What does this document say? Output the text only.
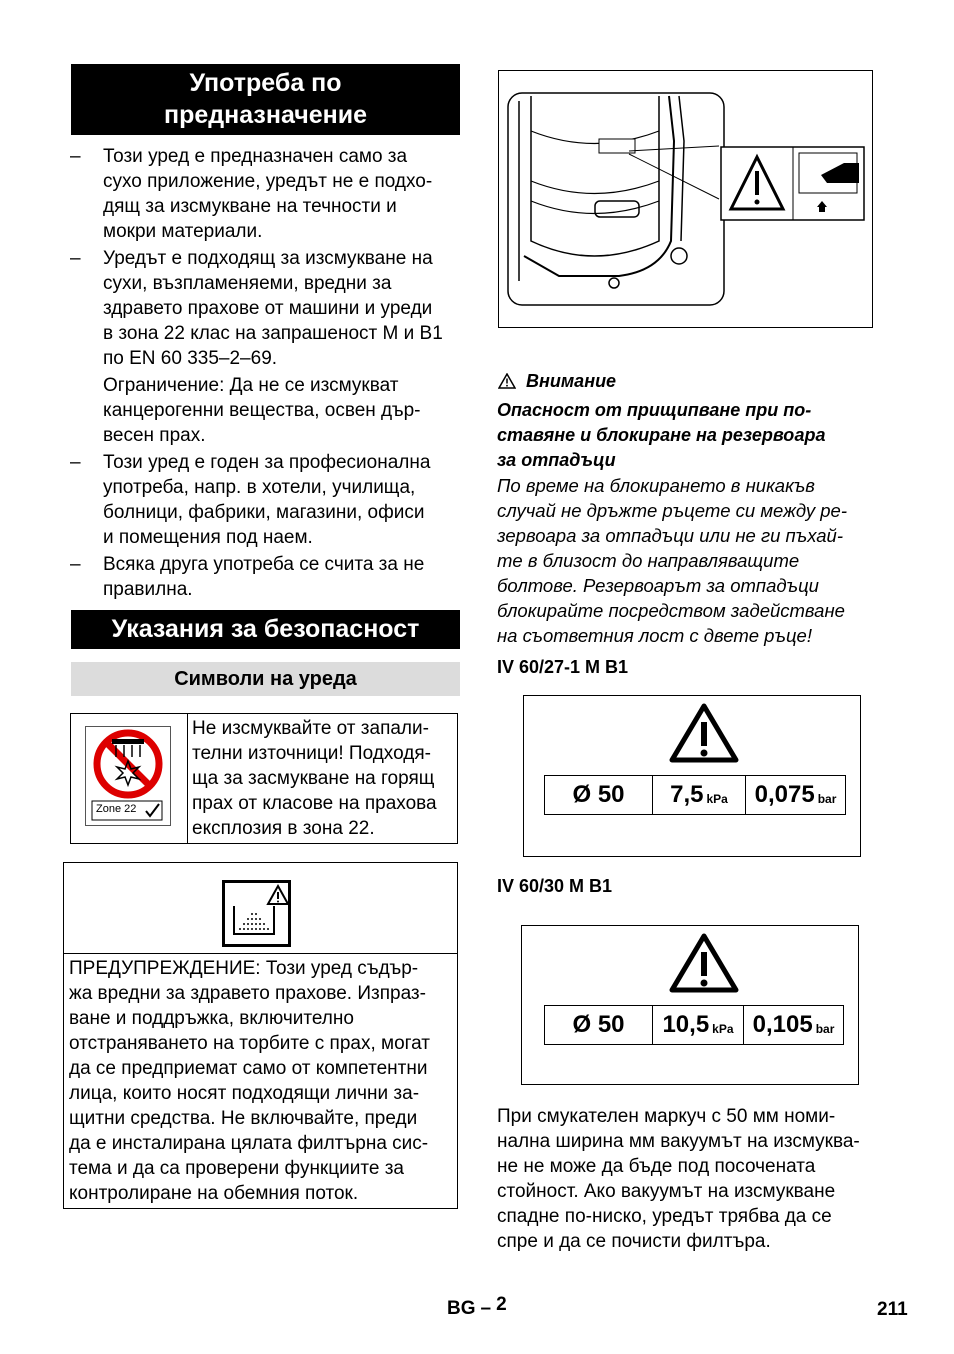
Употреба по
предназначение
– Този уред е предназначен само за
сухо приложение, уредът не е подхо-
дящ за изсмукване на течности и
мокри материали.
– Уредът е подходящ за изсмукване на
сухи, възпламеняеми, вредни за
здравето прахове от машини и уреди
в зона 22 клас на запрашеност М и B1
по EN 60 335–2–69.
Ограничение: Да не се изсмукват
канцерогенни вещества, освен дър-
весен прах.
– Този уред е годен за професионална
употреба, напр. в хотели, училища,
болници, фабрики, магазини, офиси
и помещения под наем.
– Всяка друга употреба се счита за не
правилна.
Указания за безопасност
Символи на уреда
Zone 22
Не изсмуквайте от запали-
телни източници! Подходя-
ща за засмукване на горящ
прах от класове на прахова
експлозия в зона 22.
ПРЕДУПРЕЖДЕНИЕ: Този уред съдър-
жа вредни за здравето прахове. Изпраз-
ване и поддръжка, включително
отстраняването на торбите с прах, могат
да се предприемат само от компетентни
лица, които носят подходящи лични за-
щитни средства. Не включвайте, преди
да е инсталирана цялата филтърна сис-
тема и да са проверени функциите за
контролиране на обемния поток.
Внимание
Опасност от прищипване при по-
ставяне и блокиране на резервоара
за отпадъци
По време на блокирането в никакъв
случай не дръжте ръцете си между ре-
зервоара за отпадъци или не ги пъхай-
те в близост до направляващите
болтове. Резервоарът за отпадъци
блокирайте посредством задействане
на съответния лост с двете ръце!
IV 60/27-1 M B1
Ø 50 7,5 kPa 0,075 bar
IV 60/30 M B1
Ø 50 10,5 kPa 0,105 bar
При смукателен маркуч с 50 мм номи-
нална ширина мм вакуумът на изсмуква-
не не може да бъде под посочената
стойност. Ако вакуумът на изсмукване
спадне по-ниско, уредът трябва да се
спре и да се почисти филтъра.
BG – 2	211
